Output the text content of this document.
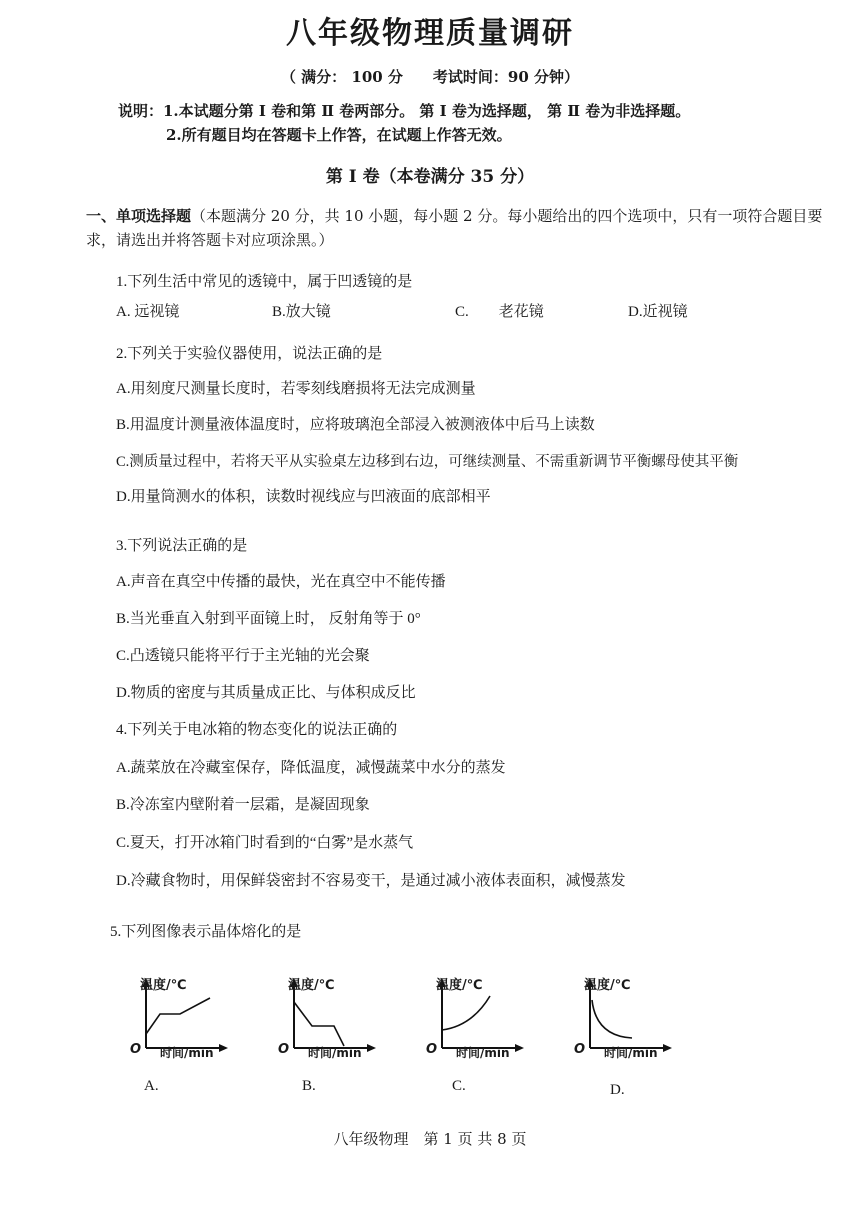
八年级物理质量调研
（ 满分： 100 分　　考试时间：90 分钟）
说明：1.本试题分第 Ⅰ 卷和第 Ⅱ 卷两部分。 第 Ⅰ 卷为选择题， 第 Ⅱ 卷为非选择题。
2.所有题目均在答题卡上作答，在试题上作答无效。
第 Ⅰ 卷（本卷满分 35 分）
一、单项选择题（本题满分 20 分，共 10 小题，每小题 2 分。每小题给出的四个选项中，只有一项符合题目要求，请选出并将答题卡对应项涂黑。）
1.下列生活中常见的透镜中，属于凹透镜的是
A. 远视镜	B.放大镜	C.　　老花镜	D.近视镜
2.下列关于实验仪器使用，说法正确的是
A.用刻度尺测量长度时，若零刻线磨损将无法完成测量
B.用温度计测量液体温度时，应将玻璃泡全部浸入被测液体中后马上读数
C.测质量过程中，若将天平从实验桌左边移到右边，可继续测量、不需重新调节平衡螺母使其平衡
D.用量筒测水的体积，读数时视线应与凹液面的底部相平
3.下列说法正确的是
A.声音在真空中传播的最快，光在真空中不能传播
B.当光垂直入射到平面镜上时， 反射角等于 0°
C.凸透镜只能将平行于主光轴的光会聚
D.物质的密度与其质量成正比、与体积成反比
4.下列关于电冰箱的物态变化的说法正确的
A.蔬菜放在冷藏室保存，降低温度，减慢蔬菜中水分的蒸发
B.冷冻室内壁附着一层霜，是凝固现象
C.夏天，打开冰箱门时看到的“白雾”是水蒸气
D.冷藏食物时，用保鲜袋密封不容易变干，是通过减小液体表面积，减慢蒸发
5.下列图像表示晶体熔化的是
温度/℃
O 时间/min
A.
温度/℃
O 时间/min
B.
温度/℃
O 时间/min
C.
温度/℃
O 时间/min
D.
八年级物理　第 1 页 共 8 页
